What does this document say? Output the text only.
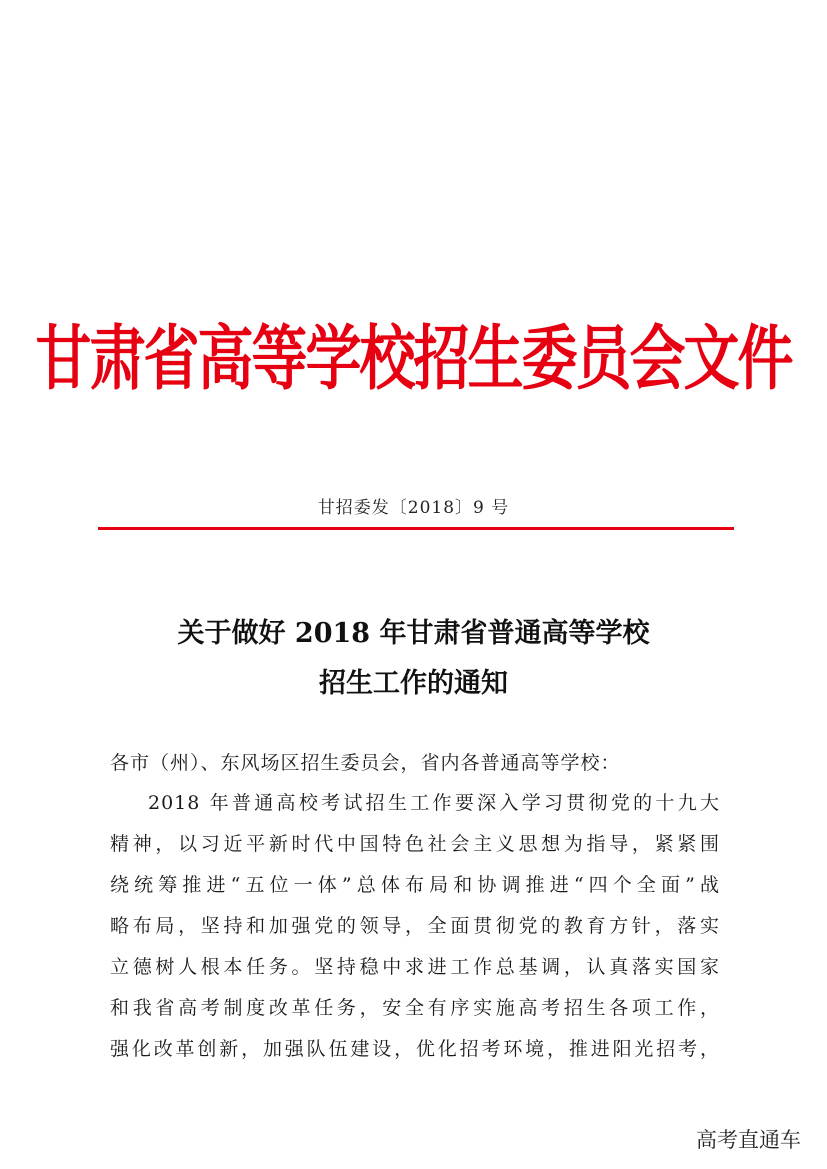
甘肃省高等学校招生委员会文件
甘招委发〔2018〕9 号
关于做好 2018 年甘肃省普通高等学校
招生工作的通知
各市（州）、东风场区招生委员会，省内各普通高等学校：
2018 年普通高校考试招生工作要深入学习贯彻党的十九大
精神，以习近平新时代中国特色社会主义思想为指导，紧紧围
绕统筹推进“五位一体”总体布局和协调推进“四个全面”战
略布局，坚持和加强党的领导，全面贯彻党的教育方针，落实
立德树人根本任务。坚持稳中求进工作总基调，认真落实国家
和我省高考制度改革任务，安全有序实施高考招生各项工作，
强化改革创新，加强队伍建设，优化招考环境，推进阳光招考，
高考直通车
